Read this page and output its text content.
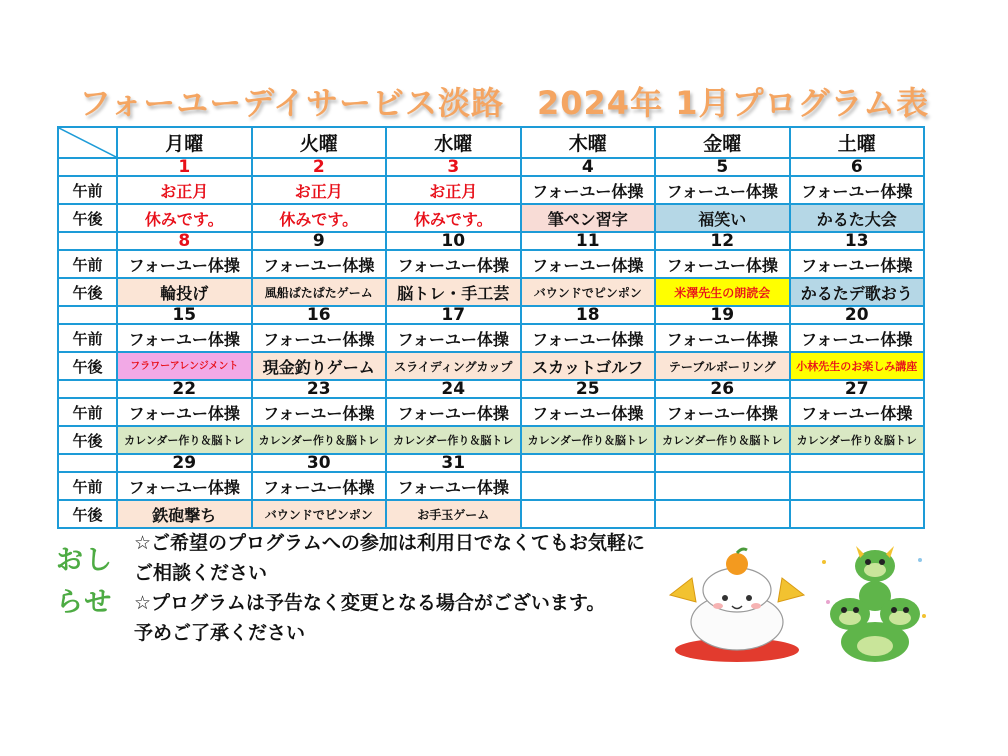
フォーユーデイサービス淡路　2024年 1月プログラム表
	月曜	火曜	水曜	木曜	金曜	土曜
	1	2	3	4	5	6
午前	お正月	お正月	お正月	フォーユー体操	フォーユー体操	フォーユー体操
午後	休みです。	休みです。	休みです。	筆ペン習字	福笑い	かるた大会
	8	9	10	11	12	13
午前	フォーユー体操	フォーユー体操	フォーユー体操	フォーユー体操	フォーユー体操	フォーユー体操
午後	輪投げ	風船ぱたぱたゲーム	脳トレ・手工芸	バウンドでピンポン	米澤先生の朗読会	かるたデ歌おう
	15	16	17	18	19	20
午前	フォーユー体操	フォーユー体操	フォーユー体操	フォーユー体操	フォーユー体操	フォーユー体操
午後	フラワーアレンジメント	現金釣りゲーム	スライディングカップ	スカットゴルフ	テーブルボーリング	小林先生のお楽しみ講座
	22	23	24	25	26	27
午前	フォーユー体操	フォーユー体操	フォーユー体操	フォーユー体操	フォーユー体操	フォーユー体操
午後	カレンダー作り＆脳トレ	カレンダー作り＆脳トレ	カレンダー作り＆脳トレ	カレンダー作り＆脳トレ	カレンダー作り＆脳トレ	カレンダー作り＆脳トレ
	29	30	31			
午前	フォーユー体操	フォーユー体操	フォーユー体操			
午後	鉄砲撃ち	バウンドでピンポン	お手玉ゲーム			
おし
らせ
☆ご希望のプログラムへの参加は利用日でなくてもお気軽に
ご相談ください
☆プログラムは予告なく変更となる場合がございます。
予めご了承ください
